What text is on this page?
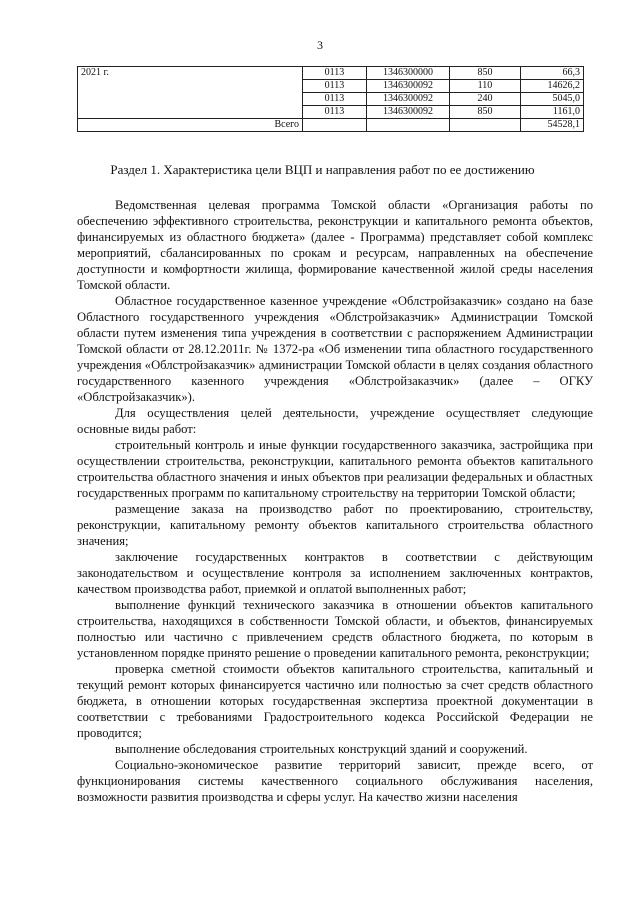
3
2021 г.	0113	1346300000	850	66,3
	0113	1346300092	110	14626,2
	0113	1346300092	240	5045,0
	0113	1346300092	850	1161,0
Всего				54528,1
Раздел 1. Характеристика цели ВЦП и направления работ по ее достижению

Ведомственная целевая программа Томской области «Организация работы по обеспечению эффективного строительства, реконструкции и капитального ремонта объектов, финансируемых из областного бюджета» (далее - Программа) представляет собой комплекс мероприятий, сбалансированных по срокам и ресурсам, направленных на обеспечение доступности и комфортности жилища, формирование качественной жилой среды населения Томской области.

Областное государственное казенное учреждение «Облстройзаказчик» создано на базе Областного государственного учреждения «Облстройзаказчик» Администрации Томской области путем изменения типа учреждения в соответствии с распоряжением Администрации Томской области от 28.12.2011г. № 1372-ра «Об изменении типа областного государственного учреждения «Облстройзаказчик» администрации Томской области в целях создания областного государственного казенного учреждения «Облстройзаказчик» (далее – ОГКУ «Облстройзаказчик»).

Для осуществления целей деятельности, учреждение осуществляет следующие основные виды работ:

строительный контроль и иные функции государственного заказчика, застройщика при осуществлении строительства, реконструкции, капитального ремонта объектов капитального строительства областного значения и иных объектов при реализации федеральных и областных государственных программ по капитальному строительству на территории Томской области;

размещение заказа на производство работ по проектированию, строительству, реконструкции, капитальному ремонту объектов капитального строительства областного значения;

заключение государственных контрактов в соответствии с действующим законодательством и осуществление контроля за исполнением заключенных контрактов, качеством производства работ, приемкой и оплатой выполненных работ;

выполнение функций технического заказчика в отношении объектов капитального строительства, находящихся в собственности Томской области, и объектов, финансируемых полностью или частично с привлечением средств областного бюджета, по которым в установленном порядке принято решение о проведении капитального ремонта, реконструкции;

проверка сметной стоимости объектов капитального строительства, капитальный и текущий ремонт которых финансируется частично или полностью за счет средств областного бюджета, в отношении которых государственная экспертиза проектной документации в соответствии с требованиями Градостроительного кодекса Российской Федерации не проводится;

выполнение обследования строительных конструкций зданий и сооружений.

Социально-экономическое развитие территорий зависит, прежде всего, от функционирования системы качественного социального обслуживания населения, возможности развития производства и сферы услуг. На качество жизни населения
